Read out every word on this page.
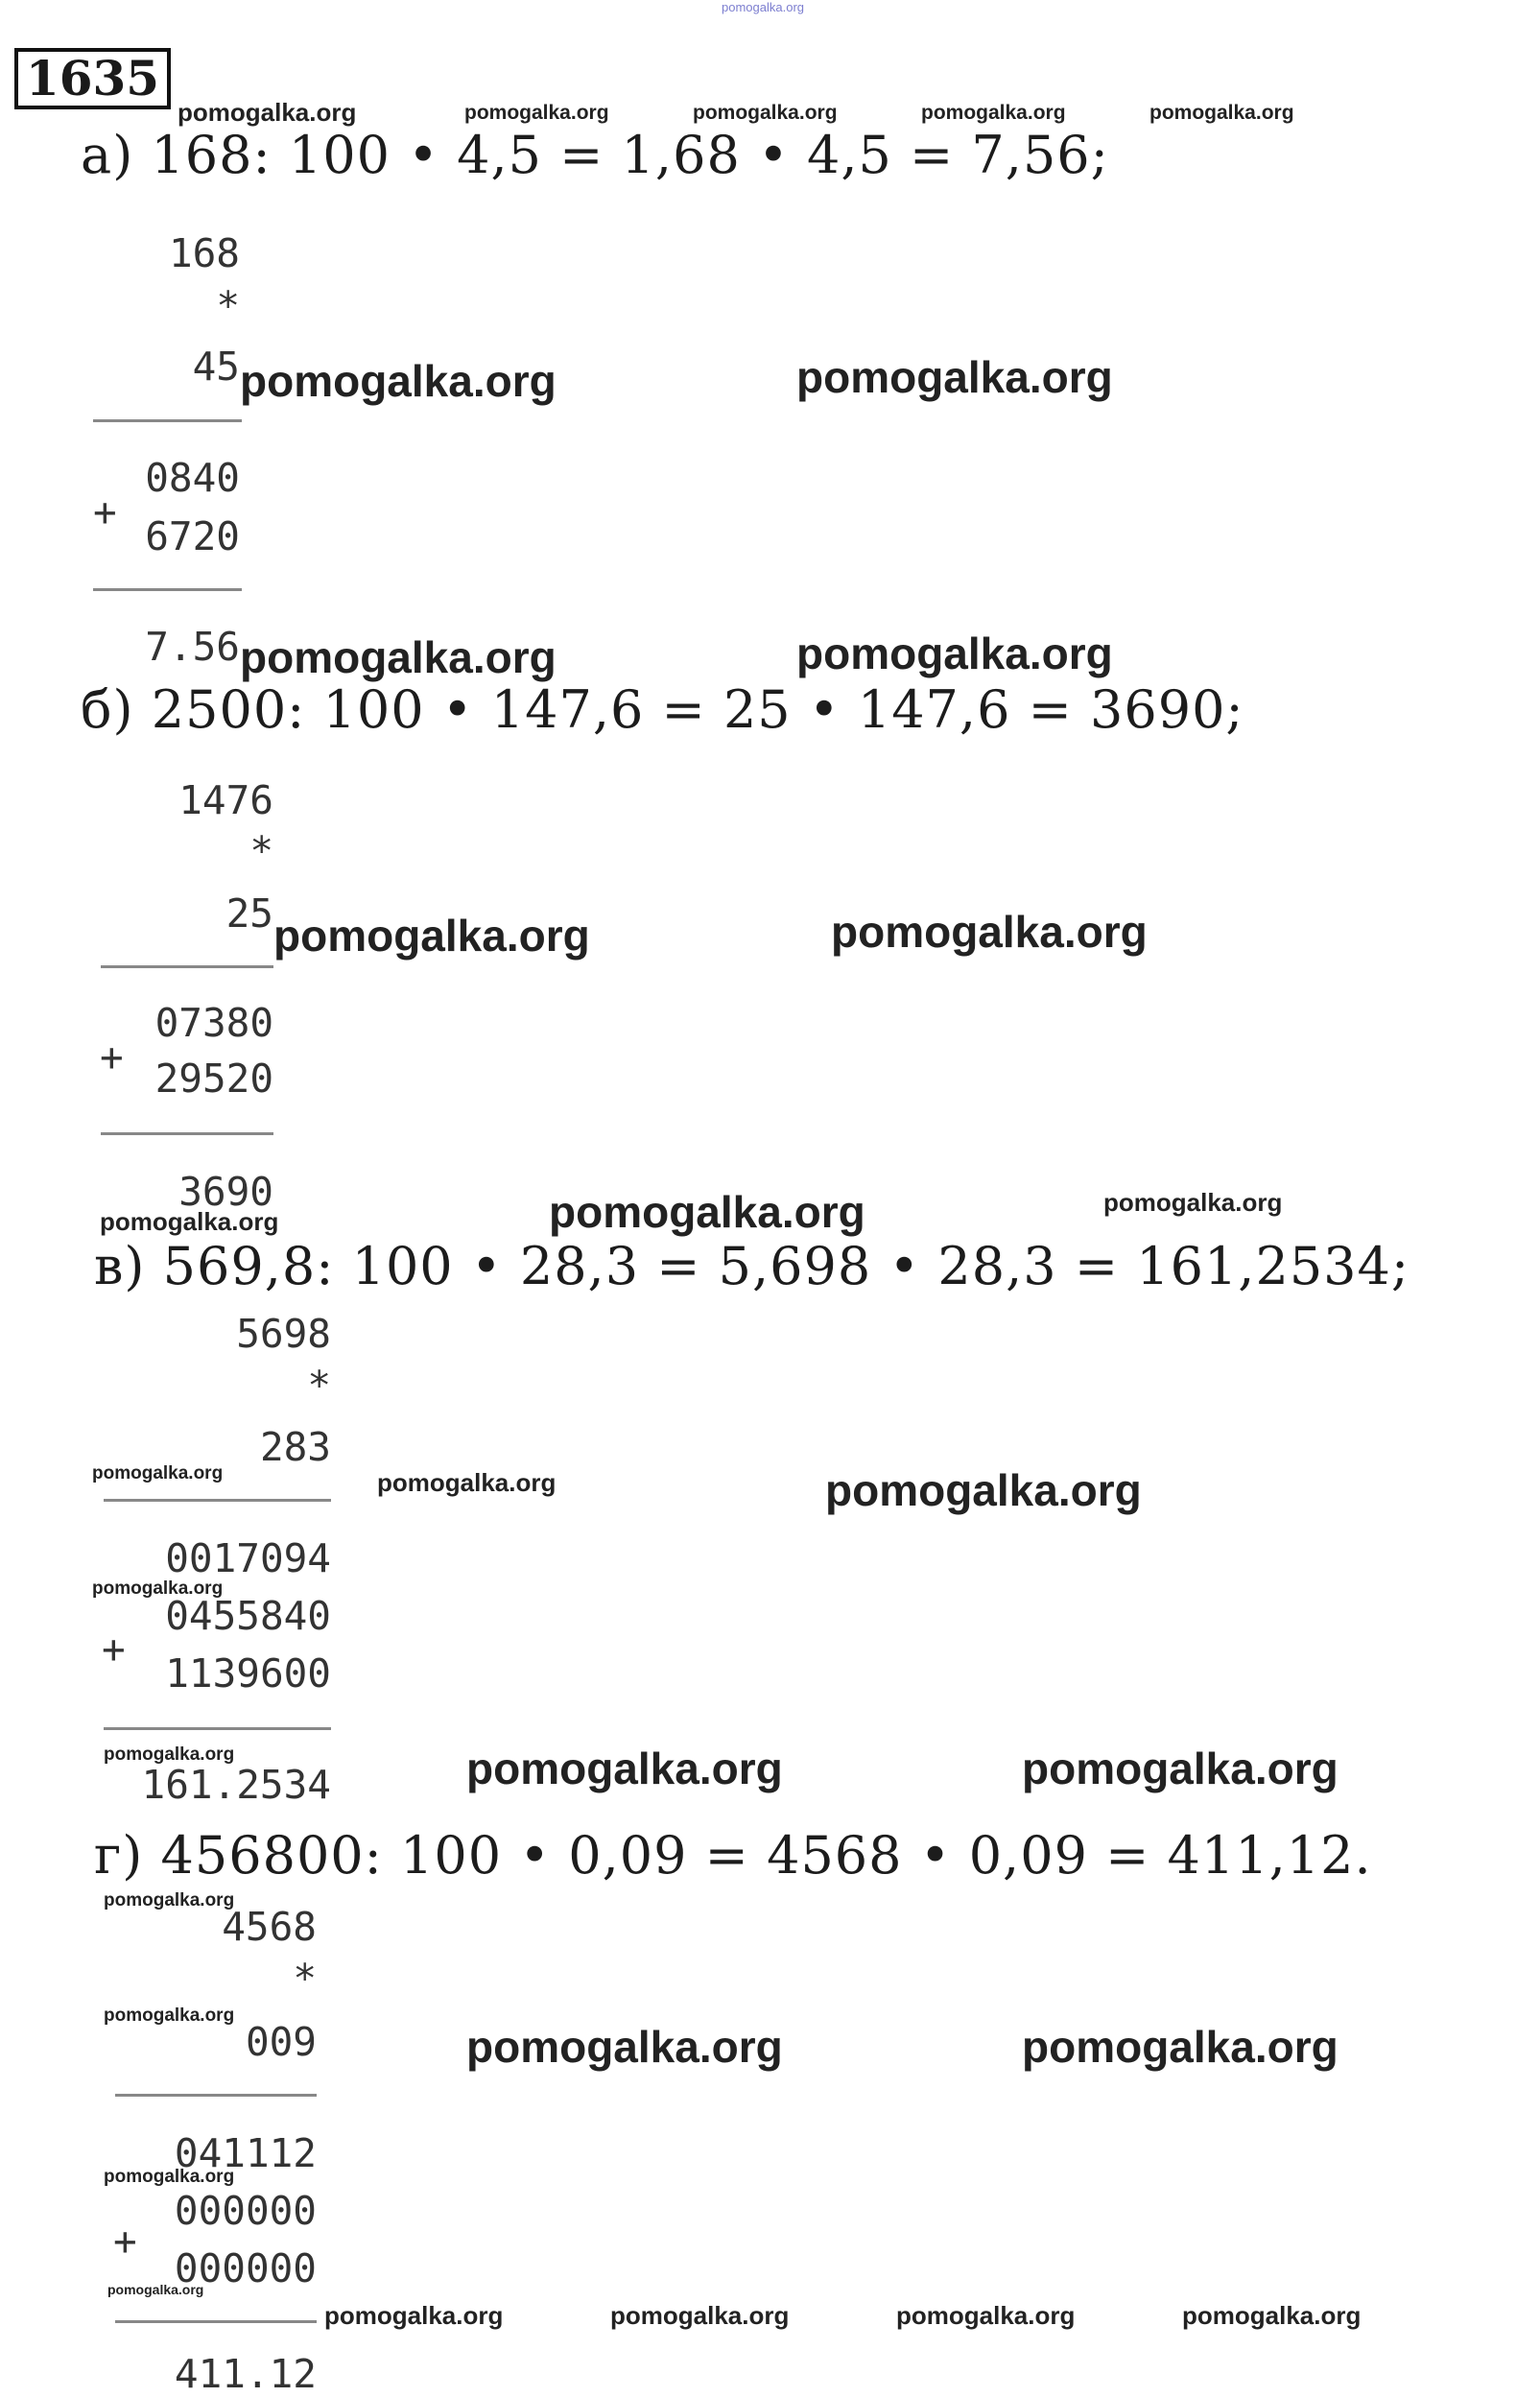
pomogalka.org
1635
pomogalka.org	pomogalka.org	pomogalka.org	pomogalka.org	pomogalka.org
а) 168: 100 • 4,5 = 1,68 • 4,5 = 7,56;
168
*
45 pomogalka.org	pomogalka.org
0840
+
6720
7.56 pomogalka.org	pomogalka.org
б) 2500: 100 • 147,6 = 25 • 147,6 = 3690;
1476
*
25 pomogalka.org	pomogalka.org
07380
+ 29520
3690
pomogalka.org	pomogalka.org	pomogalka.org
в) 569,8: 100 • 28,3 = 5,698 • 28,3 = 161,2534;
5698
*
283
pomogalka.org	pomogalka.org	pomogalka.org
0017094
pomogalka.org
0455840
+
1139600
pomogalka.org
161.2534	pomogalka.org	pomogalka.org
г) 456800: 100 • 0,09 = 4568 • 0,09 = 411,12.
pomogalka.org
4568
*
pomogalka.org
009	pomogalka.org	pomogalka.org
041112
pomogalka.org
000000
+
000000
pomogalka.org
pomogalka.org	pomogalka.org	pomogalka.org	pomogalka.org
411.12
